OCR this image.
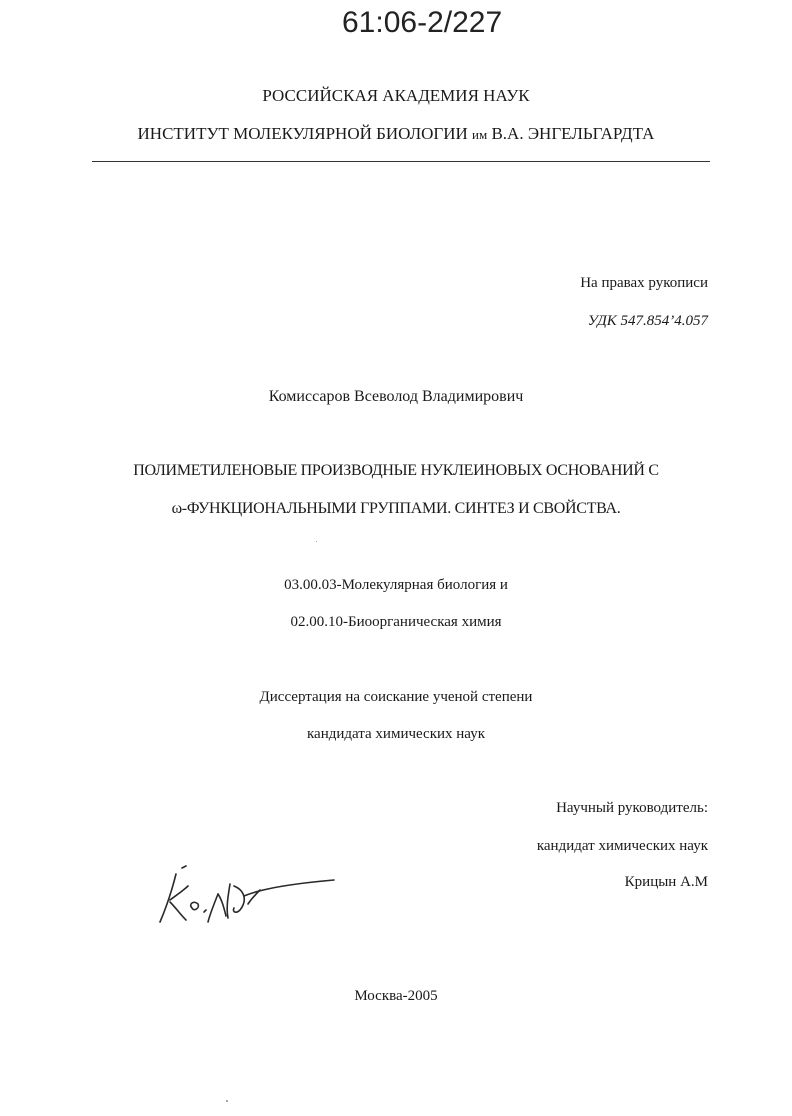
61:06-2/227
РОССИЙСКАЯ АКАДЕМИЯ НАУК
ИНСТИТУТ МОЛЕКУЛЯРНОЙ БИОЛОГИИ им В.А. ЭНГЕЛЬГАРДТА
На правах рукописи
УДК 547.854’4.057
Комиссаров Всеволод Владимирович
ПОЛИМЕТИЛЕНОВЫЕ ПРОИЗВОДНЫЕ НУКЛЕИНОВЫХ ОСНОВАНИЙ С
ω-ФУНКЦИОНАЛЬНЫМИ ГРУППАМИ. СИНТЕЗ И СВОЙСТВА.
03.00.03-Молекулярная биология и
02.00.10-Биоорганическая химия
Диссертация на соискание ученой степени
кандидата химических наук
Научный руководитель:
кандидат химических наук
Крицын А.М
Москва-2005
